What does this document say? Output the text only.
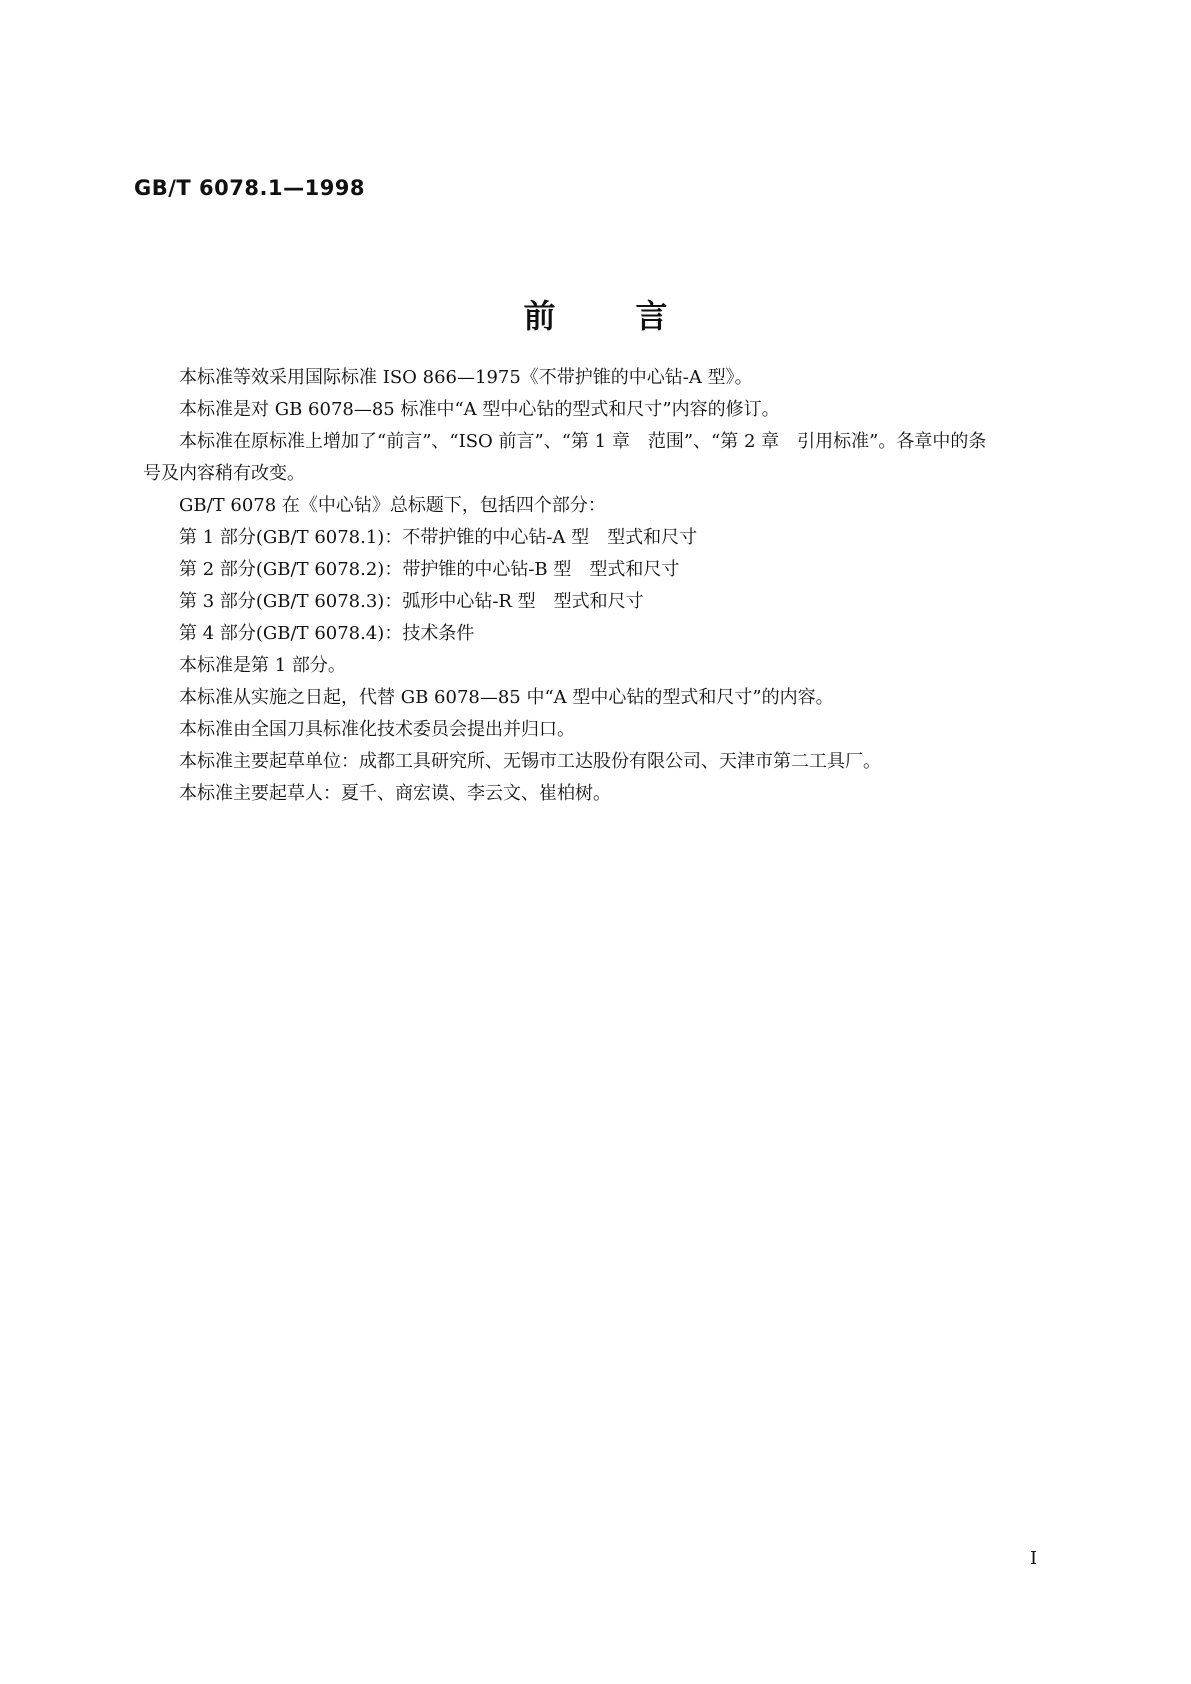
GB/T 6078.1—1998
前言

本标准等效采用国际标准 ISO 866—1975《不带护锥的中心钻-A 型》。

本标准是对 GB 6078—85 标准中“A 型中心钻的型式和尺寸”内容的修订。

本标准在原标准上增加了“前言”、“ISO 前言”、“第 1 章　范围”、“第 2 章　引用标准”。各章中的条
号及内容稍有改变。

GB/T 6078 在《中心钻》总标题下，包括四个部分：

第 1 部分(GB/T 6078.1)：不带护锥的中心钻-A 型　型式和尺寸

第 2 部分(GB/T 6078.2)：带护锥的中心钻-B 型　型式和尺寸

第 3 部分(GB/T 6078.3)：弧形中心钻-R 型　型式和尺寸

第 4 部分(GB/T 6078.4)：技术条件

本标准是第 1 部分。

本标准从实施之日起，代替 GB 6078—85 中“A 型中心钻的型式和尺寸”的内容。

本标准由全国刀具标准化技术委员会提出并归口。

本标准主要起草单位：成都工具研究所、无锡市工达股份有限公司、天津市第二工具厂。

本标准主要起草人：夏千、商宏谟、李云文、崔柏树。

I
